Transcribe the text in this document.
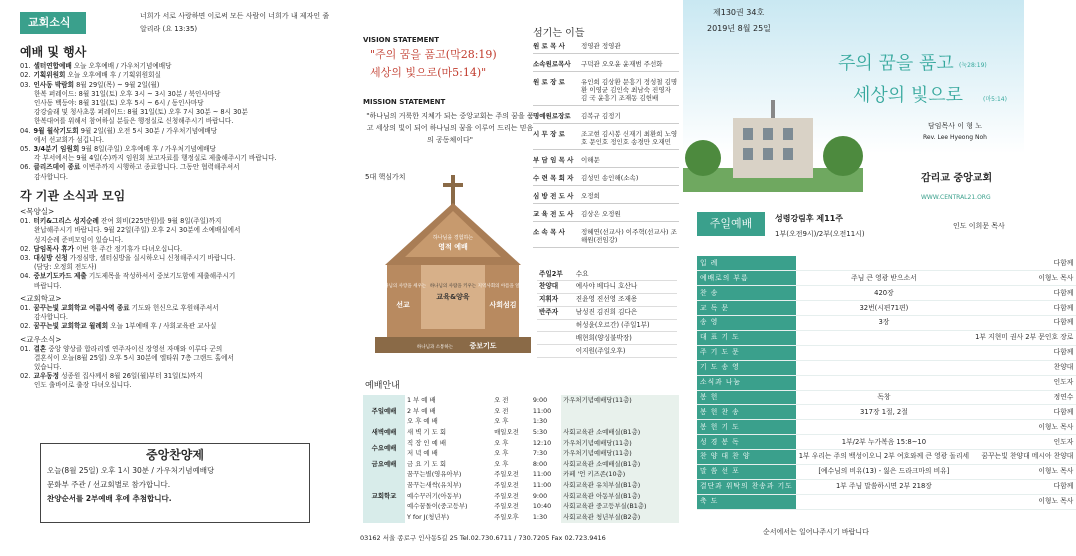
교회소식	너희가 서로 사랑하면 이로써 모든 사람이 너희가 내 제자인 줄 알리라 (요 13:35)
예배 및 행사
01. 셀터연합예배 오늘 오후예배 / 가우처기념예배당
02. 기획위원회 오늘 오후예배 후 / 기획위원회실
03. 인사동 박람회 8월 29일(목) ~ 9월 2일(월)
한복 퍼레이드: 8월 31일(토) 오후 3시 ~ 3시 30분 / 북인사마당
인사동 백등야: 8월 31일(토) 오후 5시 ~ 6시 / 동인사마당
강강술래 및 청사초롱 퍼레이드: 8월 31일(토) 오후 7시 30분 ~ 8시 30분
한복대여를 위해서 참여하실 분들은 행정실로 신청해주시기 바랍니다.
04. 9월 월삭기도회 9월 2일(월) 오전 5시 30분 / 가우처기념예배당
에서 선교회가 섬깁니다.
05. 3/4분기 임원회 9월 8일(주일) 오후예배 후 / 가우처기념예배당
각 부서에서는 9월 4일(수)까지 임원회 보고자료를 행정실로 제출해주시기 바랍니다.
06. 클리즈데이 종료 이번주까지 시행하고 종료합니다. 그동안 협력해주셔서
감사합니다.
각 기관 소식과 모임
<목양실>
01. 터키&그리스 성지순례 잔여 회비(225만원)를 9월 8일(주일)까지
완납해주시기 바랍니다. 9월 22일(주일) 오후 2시 30분에 소예배실에서
성지순례 준비모임이 있습니다.
02. 담임목사 휴가 이번 한 주간 정기휴가 다녀오십니다.
03. 대심방 신청 가정심방, 셀터심방을 실시하오니 신청해주시기 바랍니다.
(담당: 오정희 전도사)
04. 중보기도카드 제출 기도제목을 작성하셔서 중보기도함에 제출해주시기
바랍니다.
<교회학교>
01. 꿈꾸는빛 교회학교 여름사역 종료 기도와 헌신으로 후원해주셔서
감사합니다.
02. 꿈꾸는빛 교회학교 월례회 오늘 1부예배 후 / 사회교육관 교사실
<교우소식>
01. 결혼 중앙 양상클 합라리엘 연주자이신 장영선 자매와 이루다 군의
결혼식이 오늘(8월 25일) 오후 5시 30분에 엘타워 7층 그랜드 홀에서
있습니다.
02. 교우동정 성종원 집사께서 8월 26일(월)부터 31일(토)까지
인도 출바이로 출장 다녀오십니다.
중앙찬양제
오늘(8월 25일) 오후 1시 30분 / 가우처기념예배당
문화부 주관 / 선교회별로 참가합니다.
찬양순서를 2부예배 후에 추첨합니다.
VISION STATEMENT
"주의 꿈을 품고(막28:19)
세상의 빛으로(마5:14)"
MISSION STATEMENT
"하나님의 거룩한 지체가 되는 중앙교회는 주의 꿈을 품고 세상의 빛이 되어 하나님의 꿈을 이루어 드리는 믿음의 공동체이다"
5대 핵심가치
하나님을 경험하는
영적 예배
하나님의 사랑을 세우는
선교
하나님의 사람을 키우는
교육&양육
지역사회의 아픔을 알기는
사회섬김
하나님과 소통하는 중보기도
섬기는 이들
원 로 목 사	정영관 정영관
소속원로목사	구덕관 오오윤 윤재범 주선화
원 로 장 로	유인희 김상환 문흥기 정성철 김명환 이영균 김인숙 최남숙 진영자 김 국 윤흥기 조재동 김헌배
명예원로장로	김복규 김정기
시 무 장 로	조고현 김시봉 신재기 최환희 노영호 문인호 정인호 송경만 오재민
부 담 임 목 사	이해문
수 련 목 회 자	김성민 송인해(소속)
심 방 전 도 사	오정희
교 육 전 도 사	김상은 오정원
소 속 목 사	정혜연(선교사) 이주혁(선교사) 조해원(전임강)
주일2부	수요
찬양대	예사야 베다니 호산나
지휘자	진윤영 진선영 조재용
반주자	남성진 김진희 김다은
	허성윤(오르간) (주일1부)
	배현희(양싱불박장)
	이지원(주일오후)
예배안내
주일예배	1 부 예 배	오 전	9:00	가우처기념예배당(11층)
	2 부 예 배	오 전	11:00	
	오 후 예 배	오 후	1:30	
새벽예배	새 벽 기 도 회	매일오전	5:30	사회교육관 소예배실(B1층)
수요예배	직 장 인 예 배	오 후	12:10	가우처기념예배당(11층)
	저 녁 예 배	오 후	7:30	가우처기념예배당(11층)
금요예배	금 요 기 도 회	오 후	8:00	사회교육관 소예배실(B1층)
교회학교	꿈꾸는별(영유아부)	주일오전	11:00	카페 '언 키즈존(10층)
	꿈꾸는새싹(유치부)	주일오전	11:00	사회교육관 유치부실(B1층)
	예수꾸러기(아동부)	주일오전	9:00	사회교육관 아동부실(B1층)
	예수꿈돌이(중고등부)	주일오전	10:40	사회교육관 중고등부실(B1층)
	Y for J(청년부)	주일오후	1:30	사회교육관 청년부실(B2층)
03162 서울 종로구 인사동5길 25 Tel.02.730.6711 / 730.7205 Fax 02.723.9416
제130권 34호
2019년 8월 25일
주의 꿈을 품고 (눅28:19)
세상의 빛으로	(마5:14)
담임목사 이 형 노
Rev. Lee Hyeong Noh
감리교 중앙교회
WWW.CENTRAL21.ORG
주일예배	성령강림후 제11주
1부(오전9시)/2부(오전11시)
인도 이희문 목사
입 례		다함께
예배로의 부름	주님 큰 영광 받으소서	이형노 목사
찬 송	420장	다함께
교 독 문	32번(시편71편)	다함께
송 영	3장	다함께
대 표 기 도		1부 지현미 권사 2부 문인호 장로
주 기 도 문		다함께
기 도 송 영		찬양대
소식과 나눔		인도자
봉 헌	독창	정연수
봉 헌 찬 송	317장 1절, 2절	다함께
봉 헌 기 도		이형노 목사
성 경 봉 독	1부/2부 누가복음 15:8~10	인도자
찬 양 대 찬 양	1부 우리는 주의 백성이오니 2부 여호와께 큰 영광 돌리세	꿈꾸는빛 찬양대 메시아 찬양대
말 씀 선 포	[예수님의 비유(13) - 잃은 드라크마의 비유]	이형노 목사
결단과 위탁의 찬송과 기도	1부 주님 말씀하시면 2부 218장	다함께
축 도		이형노 목사
순서에서는 일어나주시기 바랍니다
